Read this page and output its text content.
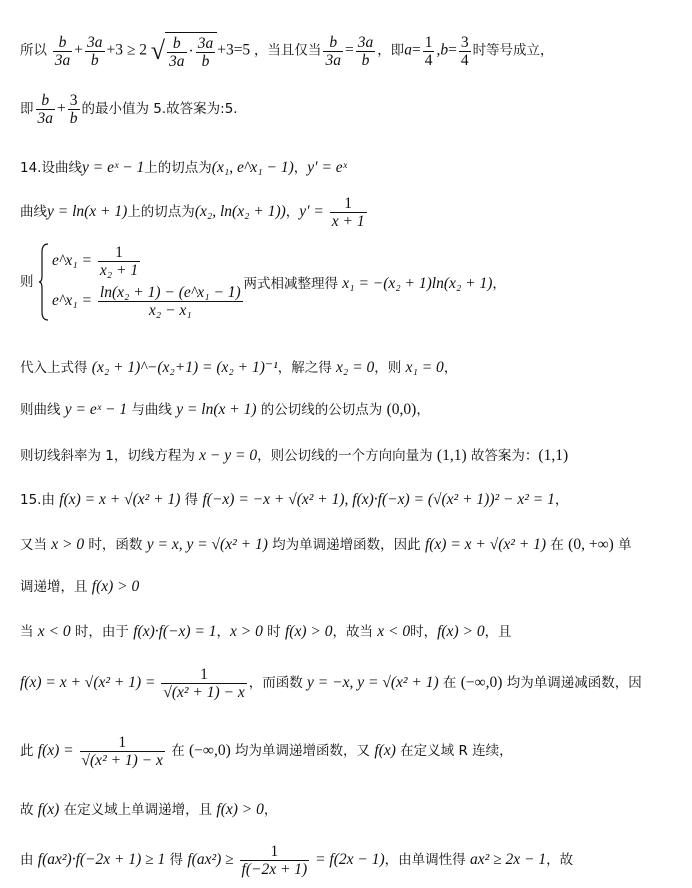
所以 $\frac{b}{3a} + \frac{3a}{b} +3 \ge 2$ √ $\frac{b}{3a} \cdot \frac{3a}{b} +3=5$ ，当且仅当 $\frac{b}{3a} = \frac{3a}{b}$ ，即$a= \frac{1}{4} ,b= \frac{3}{4}$ 时等号成立，
即 $\frac{b}{3a} + \frac{3}{b}$ 的最小值为 5.故答案为:5.
14.设曲线y = eˣ − 1上的切点为(x₁, e^x₁ − 1)，y′ = eˣ
曲线y = ln(x + 1)上的切点为(x₂, ln(x₂ + 1))，$y' = \frac{1}{x + 1}$
则
e^x₁ = $\frac{1}{\text{x₂ + 1}}$
e^x₁ = $\frac{\text{ln(x₂ + 1) − (e\textasciicircum{}x₁ − 1)}}{\text{x₂ − x₁}}$
，两式相减整理得 x₁ = −(x₂ + 1)ln(x₂ + 1)，
代入上式得 (x₂ + 1)^−(x₂+1) = (x₂ + 1)⁻¹，解之得 x₂ = 0，则 x₁ = 0，
则曲线 y = eˣ − 1 与曲线 y = ln(x + 1) 的公切线的公切点为 (0,0)，
则切线斜率为 1，切线方程为 x − y = 0，则公切线的一个方向向量为 (1,1) 故答案为：(1,1)
15.由 f(x) = x + √(x² + 1) 得 f(−x) = −x + √(x² + 1), f(x)·f(−x) = (√(x² + 1))² − x² = 1，
又当 x > 0 时，函数 y = x, y = √(x² + 1) 均为单调递增函数，因此 f(x) = x + √(x² + 1) 在 (0, +∞) 单
调递增，且 f(x) > 0
当 x < 0 时，由于 f(x)·f(−x) = 1，x > 0 时 f(x) > 0，故当 x < 0时，f(x) > 0，且
$f(x) = x + √(x^2 + 1) = \frac{1}{\text{√(x² + 1) − x}}$ ，而函数 y = −x, y = √(x² + 1) 在 (−∞,0) 均为单调递减函数，因
此 $f(x) = \frac{1}{\text{√(x² + 1) − x}}$ 在 (−∞,0) 均为单调递增函数，又 f(x) 在定义域 R 连续，
故 f(x) 在定义域上单调递增，且 f(x) > 0，
由 f(ax²)·f(−2x + 1) ≥ 1 得 $f(ax^2) \ge \frac{1}{f(-2x + 1)} = f(2x - 1)$，由单调性得 ax² ≥ 2x − 1，故
